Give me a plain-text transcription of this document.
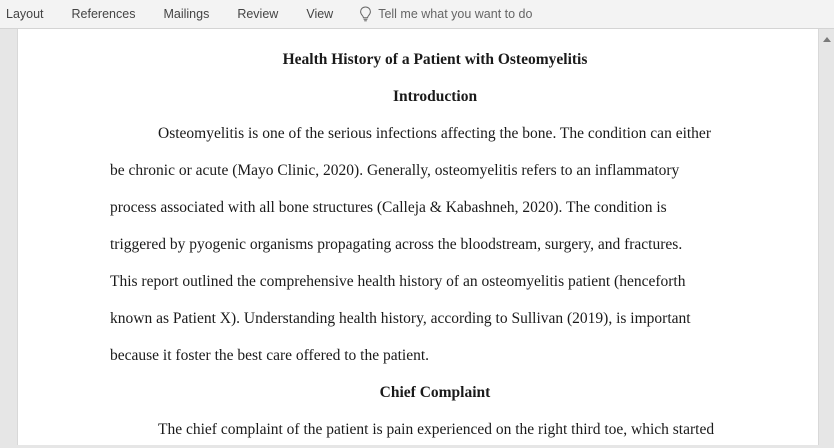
Layout	References	Mailings	Review	View	Tell me what you want to do
Health History of a Patient with Osteomyelitis
Introduction
Osteomyelitis is one of the serious infections affecting the bone. The condition can either
be chronic or acute (Mayo Clinic, 2020). Generally, osteomyelitis refers to an inflammatory
process associated with all bone structures (Calleja & Kabashneh, 2020). The condition is
triggered by pyogenic organisms propagating across the bloodstream, surgery, and fractures.
This report outlined the comprehensive health history of an osteomyelitis patient (henceforth
known as Patient X). Understanding health history, according to Sullivan (2019), is important
because it foster the best care offered to the patient.
Chief Complaint
The chief complaint of the patient is pain experienced on the right third toe, which started
